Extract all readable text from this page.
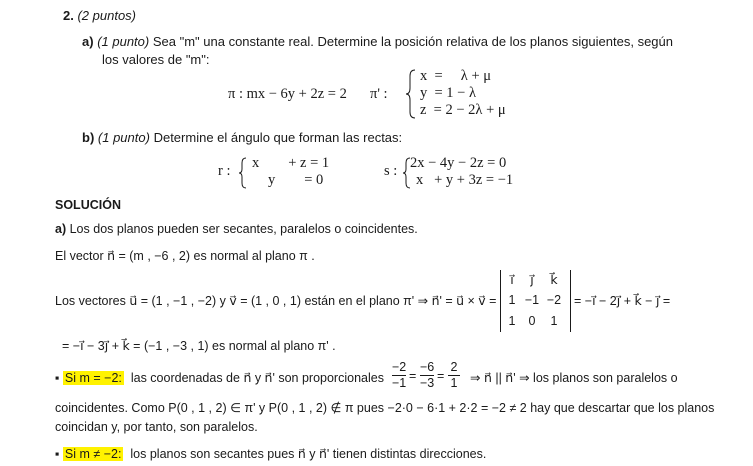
2. (2 puntos)
a) (1 punto) Sea "m" una constante real. Determine la posición relativa de los planos siguientes, según
los valores de "m":
π : mx − 6y + 2z = 2 π' :
x  =     λ + μ
y  = 1 − λ
z  = 2 − 2λ + μ
b) (1 punto) Determine el ángulo que forman las rectas:
r : x        + z = 1
y        = 0
s : 2x − 4y − 2z = 0
x   + y + 3z = −1
SOLUCIÓN
a) Los dos planos pueden ser secantes, paralelos o coincidentes.
El vector n⃗ = (m , −6 , 2) es normal al plano π .
Los vectores u⃗ = (1 , −1 , −2) y v⃗ = (1 , 0 , 1) están en el plano π' ⇒ n⃗' = u⃗ × v⃗ =
i⃗	j⃗	k⃗
1 −1 −2
1	0	1
= −i⃗ − 2j⃗ + k⃗ − j⃗ =
= −i⃗ − 3j⃗ + k⃗ = (−1 , −3 , 1) es normal al plano π' .
▪ Si m = −2: las coordenadas de n⃗ y n⃗' son proporcionales
−2
−1 =
−6
−3 =
2
1 ⇒ n⃗ || n⃗' ⇒ los planos son paralelos o
coincidentes. Como P(0 , 1 , 2) ∈ π' y P(0 , 1 , 2) ∉ π pues −2·0 − 6·1 + 2·2 = −2 ≠ 2 hay que descartar que los planos
coincidan y, por tanto, son paralelos.
▪ Si m ≠ −2: los planos son secantes pues n⃗ y n⃗' tienen distintas direcciones.
